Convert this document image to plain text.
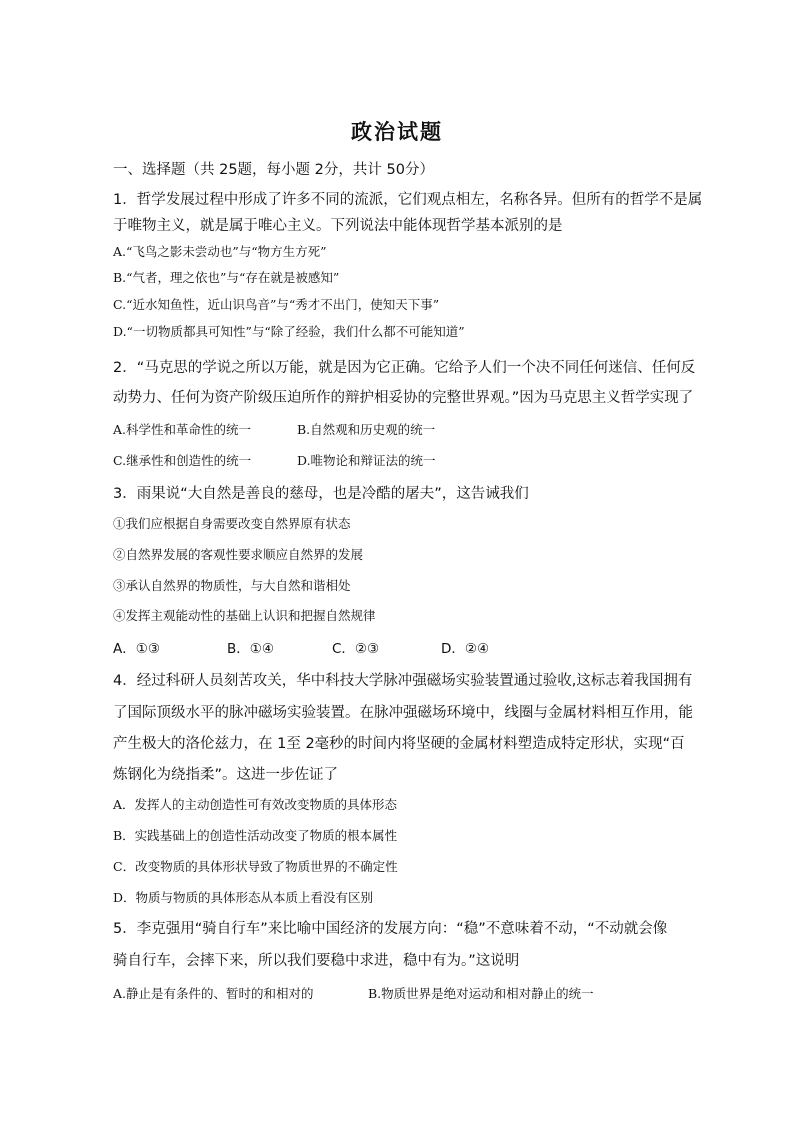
政治试题
一、选择题（共 25题，每小题 2分，共计 50分）
1．哲学发展过程中形成了许多不同的流派，它们观点相左，名称各异。但所有的哲学不是属
于唯物主义，就是属于唯心主义。下列说法中能体现哲学基本派别的是
A.“飞鸟之影未尝动也”与“物方生方死”
B.“气者，理之依也”与“存在就是被感知”
C.“近水知鱼性，近山识鸟音”与“秀才不出门，使知天下事”
D.“一切物质都具可知性”与“除了经验，我们什么都不可能知道”
2．“马克思的学说之所以万能，就是因为它正确。它给予人们一个决不同任何迷信、任何反
动势力、任何为资产阶级压迫所作的辩护相妥协的完整世界观。”因为马克思主义哲学实现了
A.科学性和革命性的统一	B.自然观和历史观的统一
C.继承性和创造性的统一	D.唯物论和辩证法的统一
3．雨果说“大自然是善良的慈母，也是冷酷的屠夫”，这告诫我们
①我们应根据自身需要改变自然界原有状态
②自然界发展的客观性要求顺应自然界的发展
③承认自然界的物质性，与大自然和谐相处
④发挥主观能动性的基础上认识和把握自然规律
A．①③	B．①④	C．②③	D．②④
4．经过科研人员刻苦攻关，华中科技大学脉冲强磁场实验装置通过验收,这标志着我国拥有
了国际顶级水平的脉冲磁场实验装置。在脉冲强磁场环境中，线圈与金属材料相互作用，能
产生极大的洛伦兹力，在 1至 2毫秒的时间内将坚硬的金属材料塑造成特定形状，实现“百
炼钢化为绕指柔”。这进一步佐证了
A．发挥人的主动创造性可有效改变物质的具体形态
B．实践基础上的创造性活动改变了物质的根本属性
C．改变物质的具体形状导致了物质世界的不确定性
D．物质与物质的具体形态从本质上看没有区别
5．李克强用“骑自行车”来比喻中国经济的发展方向：“稳”不意味着不动，“不动就会像
骑自行车，会摔下来，所以我们要稳中求进，稳中有为。”这说明
A.静止是有条件的、暂时的和相对的	B.物质世界是绝对运动和相对静止的统一
